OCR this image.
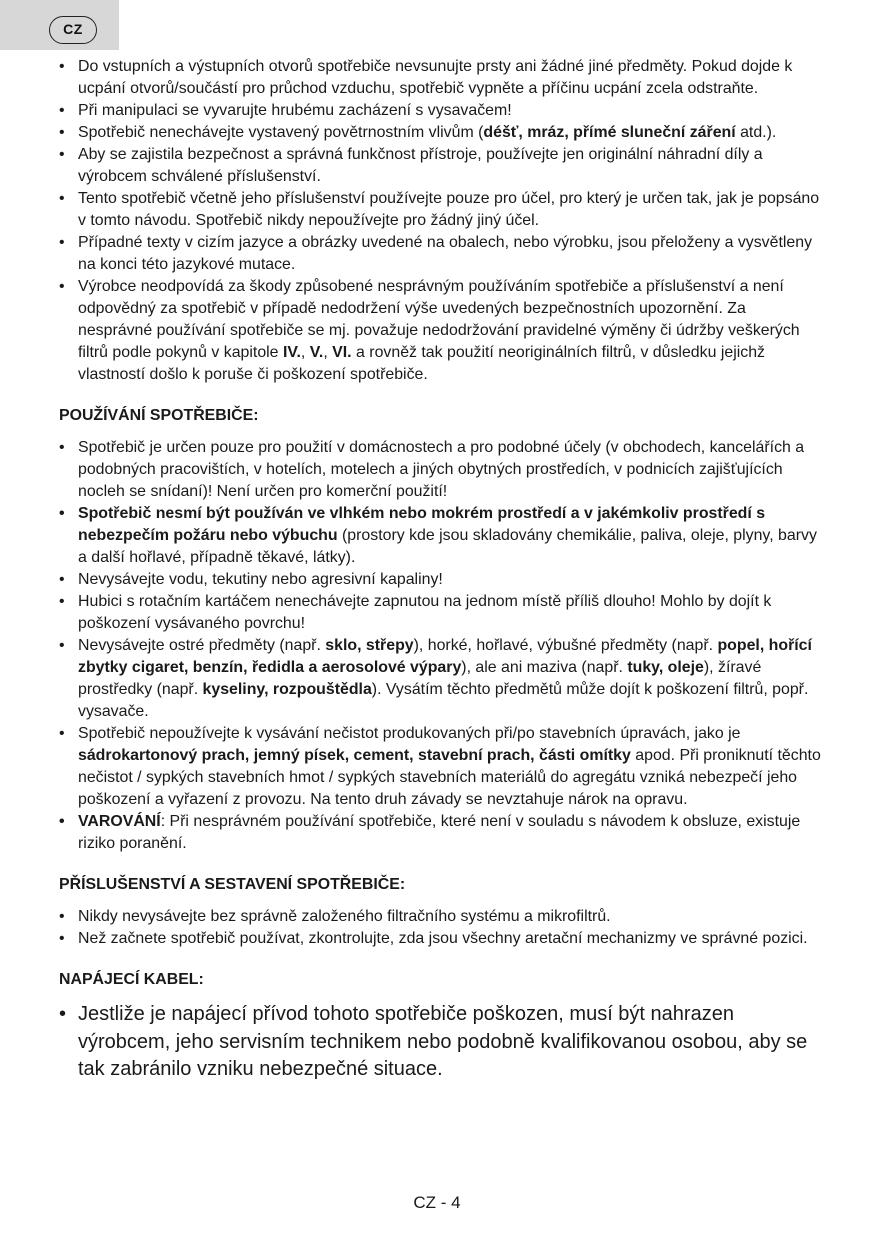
CZ
• Do vstupních a výstupních otvorů spotřebiče nevsunujte prsty ani žádné jiné předměty. Pokud dojde k ucpání otvorů/součástí pro průchod vzduchu, spotřebič vypněte a příčinu ucpání zcela odstraňte.
• Při manipulaci se vyvarujte hrubému zacházení s vysavačem!
• Spotřebič nenechávejte vystavený povětrnostním vlivům (déšť, mráz, přímé sluneční záření atd.).
• Aby se zajistila bezpečnost a správná funkčnost přístroje, používejte jen originální náhradní díly a výrobcem schválené příslušenství.
• Tento spotřebič včetně jeho příslušenství používejte pouze pro účel, pro který je určen tak, jak je popsáno v tomto návodu. Spotřebič nikdy nepoužívejte pro žádný jiný účel.
• Případné texty v cizím jazyce a obrázky uvedené na obalech, nebo výrobku, jsou přeloženy a vysvětleny na konci této jazykové mutace.
• Výrobce neodpovídá za škody způsobené nesprávným používáním spotřebiče a příslušenství a není odpovědný za spotřebič v případě nedodržení výše uvedených bezpečnostních upozornění. Za nesprávné používání spotřebiče se mj. považuje nedodržování pravidelné výměny či údržby veškerých filtrů podle pokynů v kapitole IV., V., VI. a rovněž tak použití neoriginálních filtrů, v důsledku jejichž vlastností došlo k poruše či poškození spotřebiče.
POUŽÍVÁNÍ SPOTŘEBIČE:
• Spotřebič je určen pouze pro použití v domácnostech a pro podobné účely (v obchodech, kancelářích a podobných pracovištích, v hotelích, motelech a jiných obytných prostředích, v podnicích zajišťujících nocleh se snídaní)! Není určen pro komerční použití!
• Spotřebič nesmí být používán ve vlhkém nebo mokrém prostředí a v jakémkoliv prostředí s nebezpečím požáru nebo výbuchu (prostory kde jsou skladovány chemikálie, paliva, oleje, plyny, barvy a další hořlavé, případně těkavé, látky).
• Nevysávejte vodu, tekutiny nebo agresivní kapaliny!
• Hubici s rotačním kartáčem nenechávejte zapnutou na jednom místě příliš dlouho! Mohlo by dojít k poškození vysávaného povrchu!
• Nevysávejte ostré předměty (např. sklo, střepy), horké, hořlavé, výbušné předměty (např. popel, hořící zbytky cigaret, benzín, ředidla a aerosolové výpary), ale ani maziva (např. tuky, oleje), žíravé prostředky (např. kyseliny, rozpouštědla). Vysátím těchto předmětů může dojít k poškození filtrů, popř. vysavače.
• Spotřebič nepoužívejte k vysávání nečistot produkovaných při/po stavebních úpravách, jako je sádrokartonový prach, jemný písek, cement, stavební prach, části omítky apod. Při proniknutí těchto nečistot / sypkých stavebních hmot / sypkých stavebních materiálů do agregátu vzniká nebezpečí jeho poškození a vyřazení z provozu. Na tento druh závady se nevztahuje nárok na opravu.
• VAROVÁNÍ: Při nesprávném používání spotřebiče, které není v souladu s návodem k obsluze, existuje riziko poranění.
PŘÍSLUŠENSTVÍ A SESTAVENÍ SPOTŘEBIČE:
• Nikdy nevysávejte bez správně založeného filtračního systému a mikrofiltrů.
• Než začnete spotřebič používat, zkontrolujte, zda jsou všechny aretační mechanizmy ve správné pozici.
NAPÁJECÍ KABEL:
• Jestliže je napájecí přívod tohoto spotřebiče poškozen, musí být nahrazen výrobcem, jeho servisním technikem nebo podobně kvalifikovanou osobou, aby se tak zabránilo vzniku nebezpečné situace.
CZ - 4
